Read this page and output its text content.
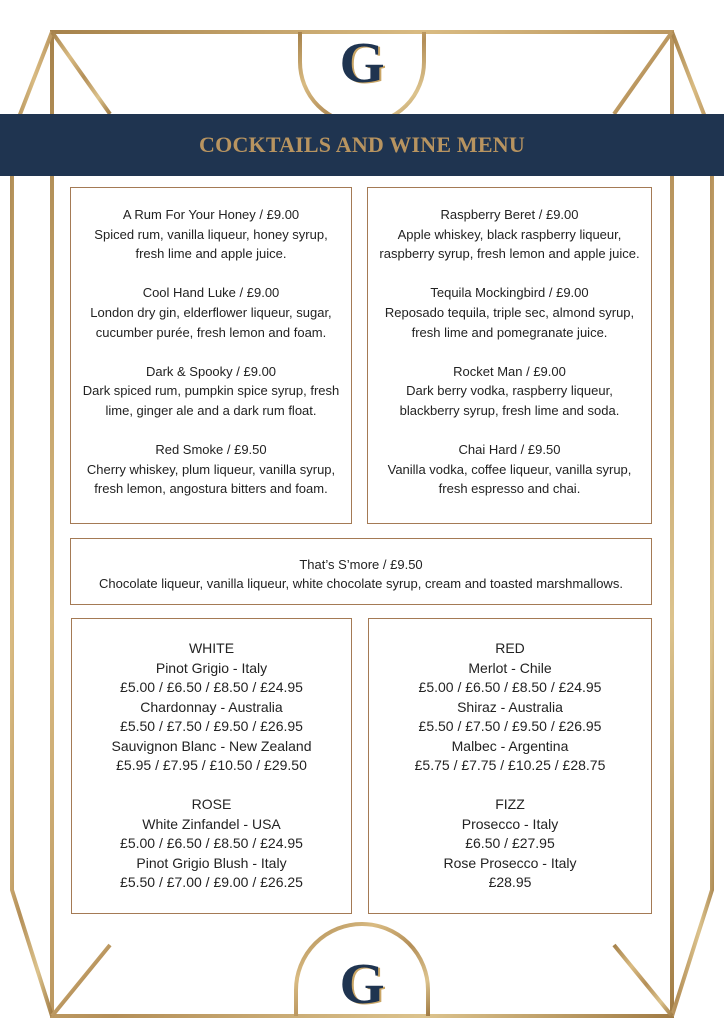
COCKTAILS AND WINE MENU
G
G
A Rum For Your Honey / £9.00
Spiced rum, vanilla liqueur, honey syrup,
fresh lime and apple juice.
Cool Hand Luke / £9.00
London dry gin, elderflower liqueur, sugar,
cucumber purée, fresh lemon and foam.
Dark & Spooky / £9.00
Dark spiced rum, pumpkin spice syrup, fresh
lime, ginger ale and a dark rum float.
Red Smoke / £9.50
Cherry whiskey, plum liqueur, vanilla syrup,
fresh lemon, angostura bitters and foam.
Raspberry Beret / £9.00
Apple whiskey, black raspberry liqueur,
raspberry syrup, fresh lemon and apple juice.
Tequila Mockingbird / £9.00
Reposado tequila, triple sec, almond syrup,
fresh lime and pomegranate juice.
Rocket Man / £9.00
Dark berry vodka, raspberry liqueur,
blackberry syrup, fresh lime and soda.
Chai Hard / £9.50
Vanilla vodka, coffee liqueur, vanilla syrup,
fresh espresso and chai.
That’s S’more / £9.50
Chocolate liqueur, vanilla liqueur, white chocolate syrup, cream and toasted marshmallows.
WHITE
Pinot Grigio - Italy
£5.00 / £6.50 / £8.50 / £24.95
Chardonnay - Australia
£5.50 / £7.50 / £9.50 / £26.95
Sauvignon Blanc - New Zealand
£5.95 / £7.95 / £10.50 / £29.50
ROSE
White Zinfandel - USA
£5.00 / £6.50 / £8.50 / £24.95
Pinot Grigio Blush - Italy
£5.50 / £7.00 / £9.00 / £26.25
RED
Merlot - Chile
£5.00 / £6.50 / £8.50 / £24.95
Shiraz - Australia
£5.50 / £7.50 / £9.50 / £26.95
Malbec - Argentina
£5.75 / £7.75 / £10.25 / £28.75
FIZZ
Prosecco - Italy
£6.50 / £27.95
Rose Prosecco - Italy
£28.95
